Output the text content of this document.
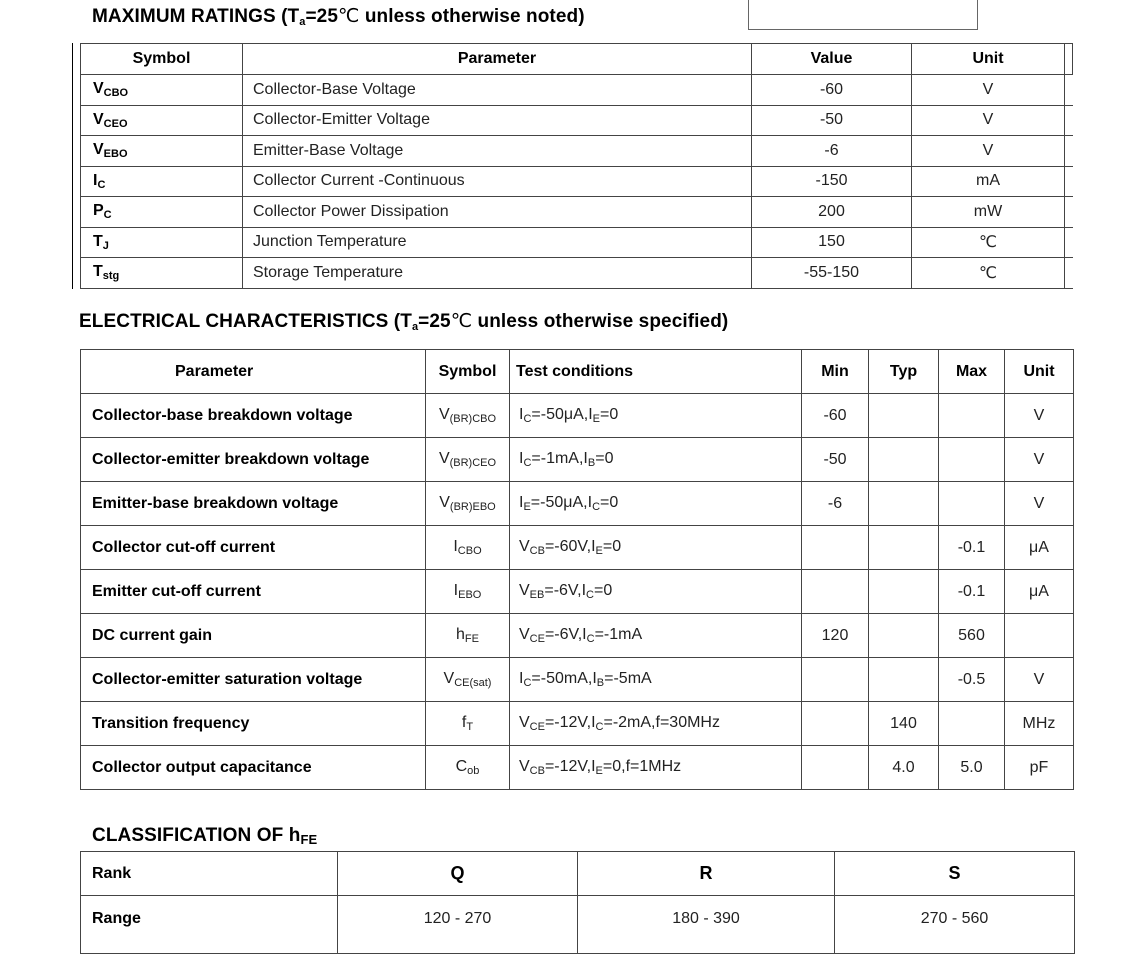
MAXIMUM RATINGS ($T_a=25℃$ unless otherwise noted)
Symbol	Parameter	Value	Unit	
$V_{CBO}$	Collector-Base Voltage	-60	V	
$V_{CEO}$	Collector-Emitter Voltage	-50	V	
$V_{EBO}$	Emitter-Base Voltage	-6	V	
$I_C$	Collector Current -Continuous	-150	mA	
$P_C$	Collector Power Dissipation	200	mW	
$T_J$	Junction Temperature	150	℃	
$T_{stg}$	Storage Temperature	-55-150	℃	
ELECTRICAL CHARACTERISTICS ($T_a=25℃$ unless otherwise specified)
Parameter	Symbol	Test conditions	Min	Typ	Max	Unit
Collector-base breakdown voltage	$V_{(BR)CBO}$	$I_C=-50\mu A,I_E=0$	-60			V
Collector-emitter breakdown voltage	$V_{(BR)CEO}$	$I_C=-1mA,I_B=0$	-50			V
Emitter-base breakdown voltage	$V_{(BR)EBO}$	$I_E=-50\mu A,I_C=0$	-6			V
Collector cut-off current	$I_{CBO}$	$V_{CB}=-60V,I_E=0$			-0.1	μA
Emitter cut-off current	$I_{EBO}$	$V_{EB}=-6V,I_C=0$			-0.1	μA
DC current gain	$h_{FE}$	$V_{CE}=-6V,I_C=-1mA$	120		560	
Collector-emitter saturation voltage	$V_{CE(sat)}$	$I_C=-50mA,I_B=-5mA$			-0.5	V
Transition frequency	$f_T$	$V_{CE}=-12V,I_C=-2mA,f=30MHz$		140		MHz
Collector output capacitance	$C_{ob}$	$V_{CB}=-12V,I_E=0,f=1MHz$		4.0	5.0	pF
CLASSIFICATION OF $h_{FE}$
Rank	Q	R	S
Range	120 - 270	180 - 390	270 - 560
